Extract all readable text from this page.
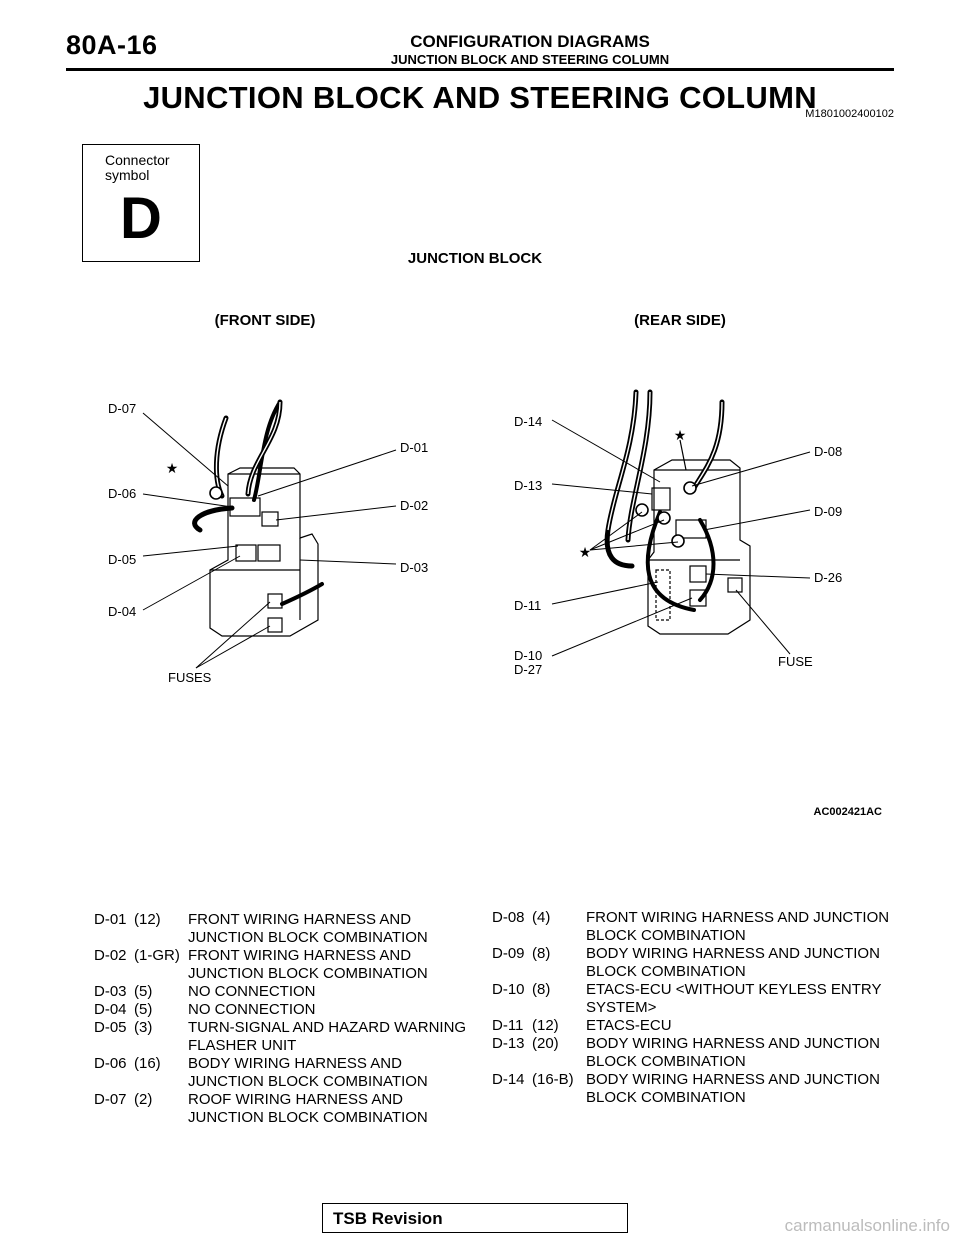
80A-16	CONFIGURATION DIAGRAMS
JUNCTION BLOCK AND STEERING COLUMN
JUNCTION BLOCK AND STEERING COLUMN
M1801002400102
Connector symbol
D
JUNCTION BLOCK
(FRONT SIDE)	(REAR SIDE)
★
D-07
D-06
D-05
D-04
D-01
D-02
D-03
FUSES
★
★
D-14
D-13
D-11
D-10
D-27
D-08
D-09
D-26
FUSE
AC002421AC
D-01 (12) FRONT WIRING HARNESS AND JUNCTION BLOCK COMBINATION
D-02 (1-GR) FRONT WIRING HARNESS AND JUNCTION BLOCK COMBINATION
D-03 (5) NO CONNECTION
D-04 (5) NO CONNECTION
D-05 (3) TURN-SIGNAL AND HAZARD WARNING FLASHER UNIT
D-06 (16) BODY WIRING HARNESS AND JUNCTION BLOCK COMBINATION
D-07 (2) ROOF WIRING HARNESS AND JUNCTION BLOCK COMBINATION
D-08 (4) FRONT WIRING HARNESS AND JUNCTION BLOCK COMBINATION
D-09 (8) BODY WIRING HARNESS AND JUNCTION BLOCK COMBINATION
D-10 (8) ETACS-ECU <WITHOUT KEYLESS ENTRY SYSTEM>
D-11 (12) ETACS-ECU
D-13 (20) BODY WIRING HARNESS AND JUNCTION BLOCK COMBINATION
D-14 (16-B) BODY WIRING HARNESS AND JUNCTION BLOCK COMBINATION
TSB Revision	carmanualsonline.info
